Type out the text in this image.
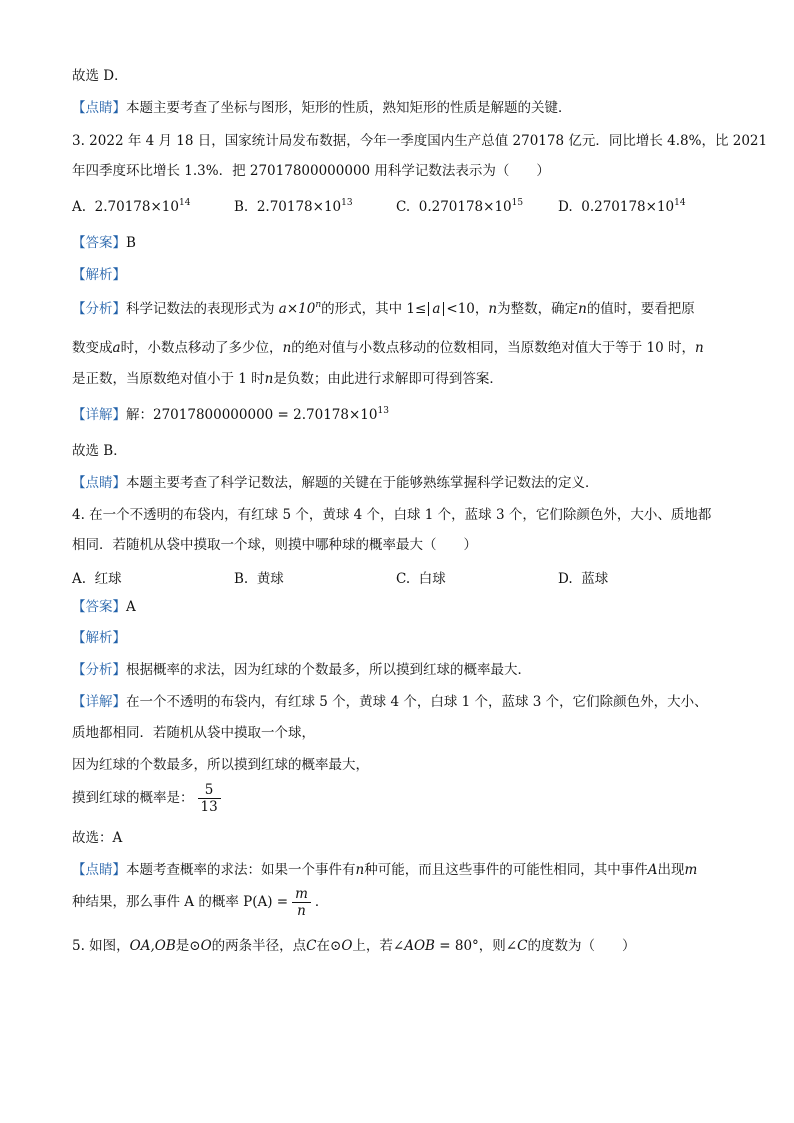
故选 D．
【点睛】本题主要考查了坐标与图形，矩形的性质，熟知矩形的性质是解题的关键．
3. 2022 年 4 月 18 日，国家统计局发布数据，今年一季度国内生产总值 270178 亿元．同比增长 4.8%，比 2021
年四季度环比增长 1.3%．把 27017800000000 用科学记数法表示为（　　）
A. $2.70178\times 10^{14}$	B. $2.70178\times 10^{13}$	C. $0.270178\times 10^{15}$	D. $0.270178\times 10^{14}$
【答案】B
【解析】
【分析】科学记数法的表现形式为 $a\times 10^n$的形式，其中 1≤ a <10，n为整数，确定n的值时，要看把原
数变成a时，小数点移动了多少位，n的绝对值与小数点移动的位数相同，当原数绝对值大于等于 10 时，n
是正数，当原数绝对值小于 1 时n是负数；由此进行求解即可得到答案．
【详解】解：$27017800000000 = 2.70178\times 10^{13}$
故选 B．
【点睛】本题主要考查了科学记数法，解题的关键在于能够熟练掌握科学记数法的定义．
4. 在一个不透明的布袋内，有红球 5 个，黄球 4 个，白球 1 个，蓝球 3 个，它们除颜色外，大小、质地都
相同．若随机从袋中摸取一个球，则摸中哪种球的概率最大（　　）
A. 红球	B. 黄球	C. 白球	D. 蓝球
【答案】A
【解析】
【分析】根据概率的求法，因为红球的个数最多，所以摸到红球的概率最大．
【详解】在一个不透明的布袋内，有红球 5 个，黄球 4 个，白球 1 个，蓝球 3 个，它们除颜色外，大小、
质地都相同．若随机从袋中摸取一个球，
因为红球的个数最多，所以摸到红球的概率最大，
摸到红球的概率是： $\frac{5}{13}$
故选：A
【点睛】本题考查概率的求法：如果一个事件有n种可能，而且这些事件的可能性相同，其中事件A出现m
种结果，那么事件 A 的概率 $P(A) = \frac{m}{n}$ ．
5. 如图，OA,OB是⊙O的两条半径，点C在⊙O上，若∠AOB = 80°，则∠C的度数为（　　）
